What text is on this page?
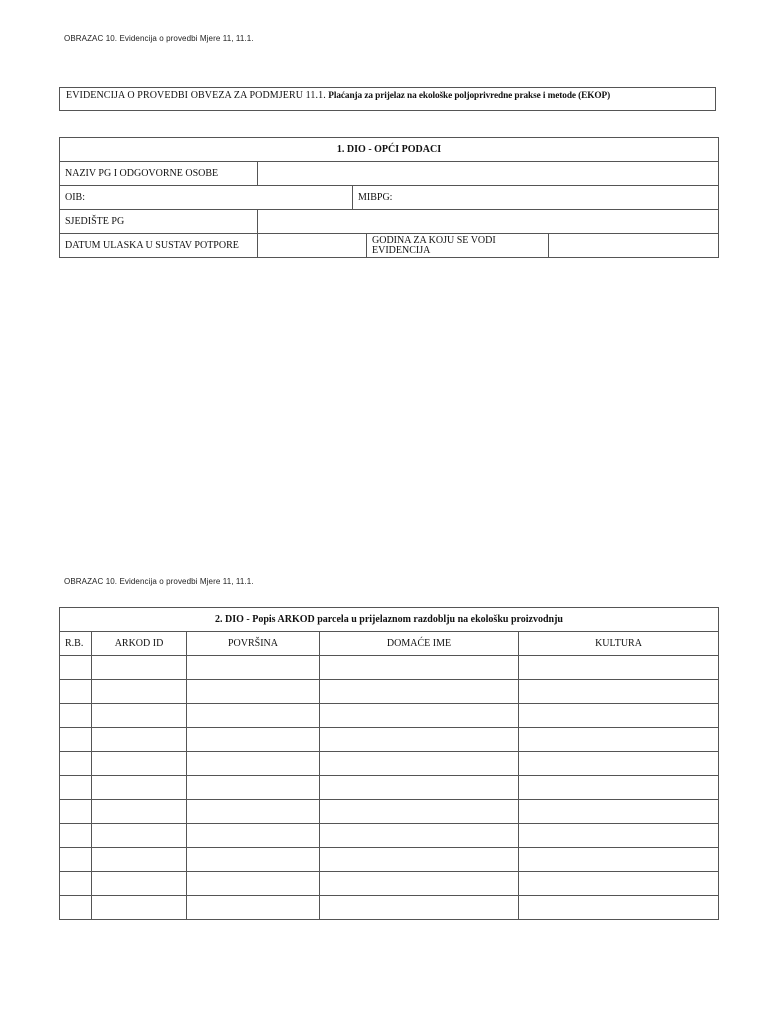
OBRAZAC 10. Evidencija o provedbi Mjere 11, 11.1.
EVIDENCIJA O PROVEDBI OBVEZA ZA PODMJERU 11.1. Plaćanja za prijelaz na ekološke poljoprivredne prakse i metode (EKOP)
1. DIO - OPĆI PODACI				
NAZIV PG I ODGOVORNE OSOBE				
OIB:		MIBPG:		
SJEDIŠTE PG				
DATUM ULASKA U SUSTAV POTPORE			GODINA ZA KOJU SE VODI EVIDENCIJA	
OBRAZAC 10. Evidencija o provedbi Mjere 11, 11.1.
2. DIO - Popis ARKOD parcela u prijelaznom razdoblju na ekološku proizvodnju				
R.B.	ARKOD ID	POVRŠINA	DOMAĆE IME	KULTURA
